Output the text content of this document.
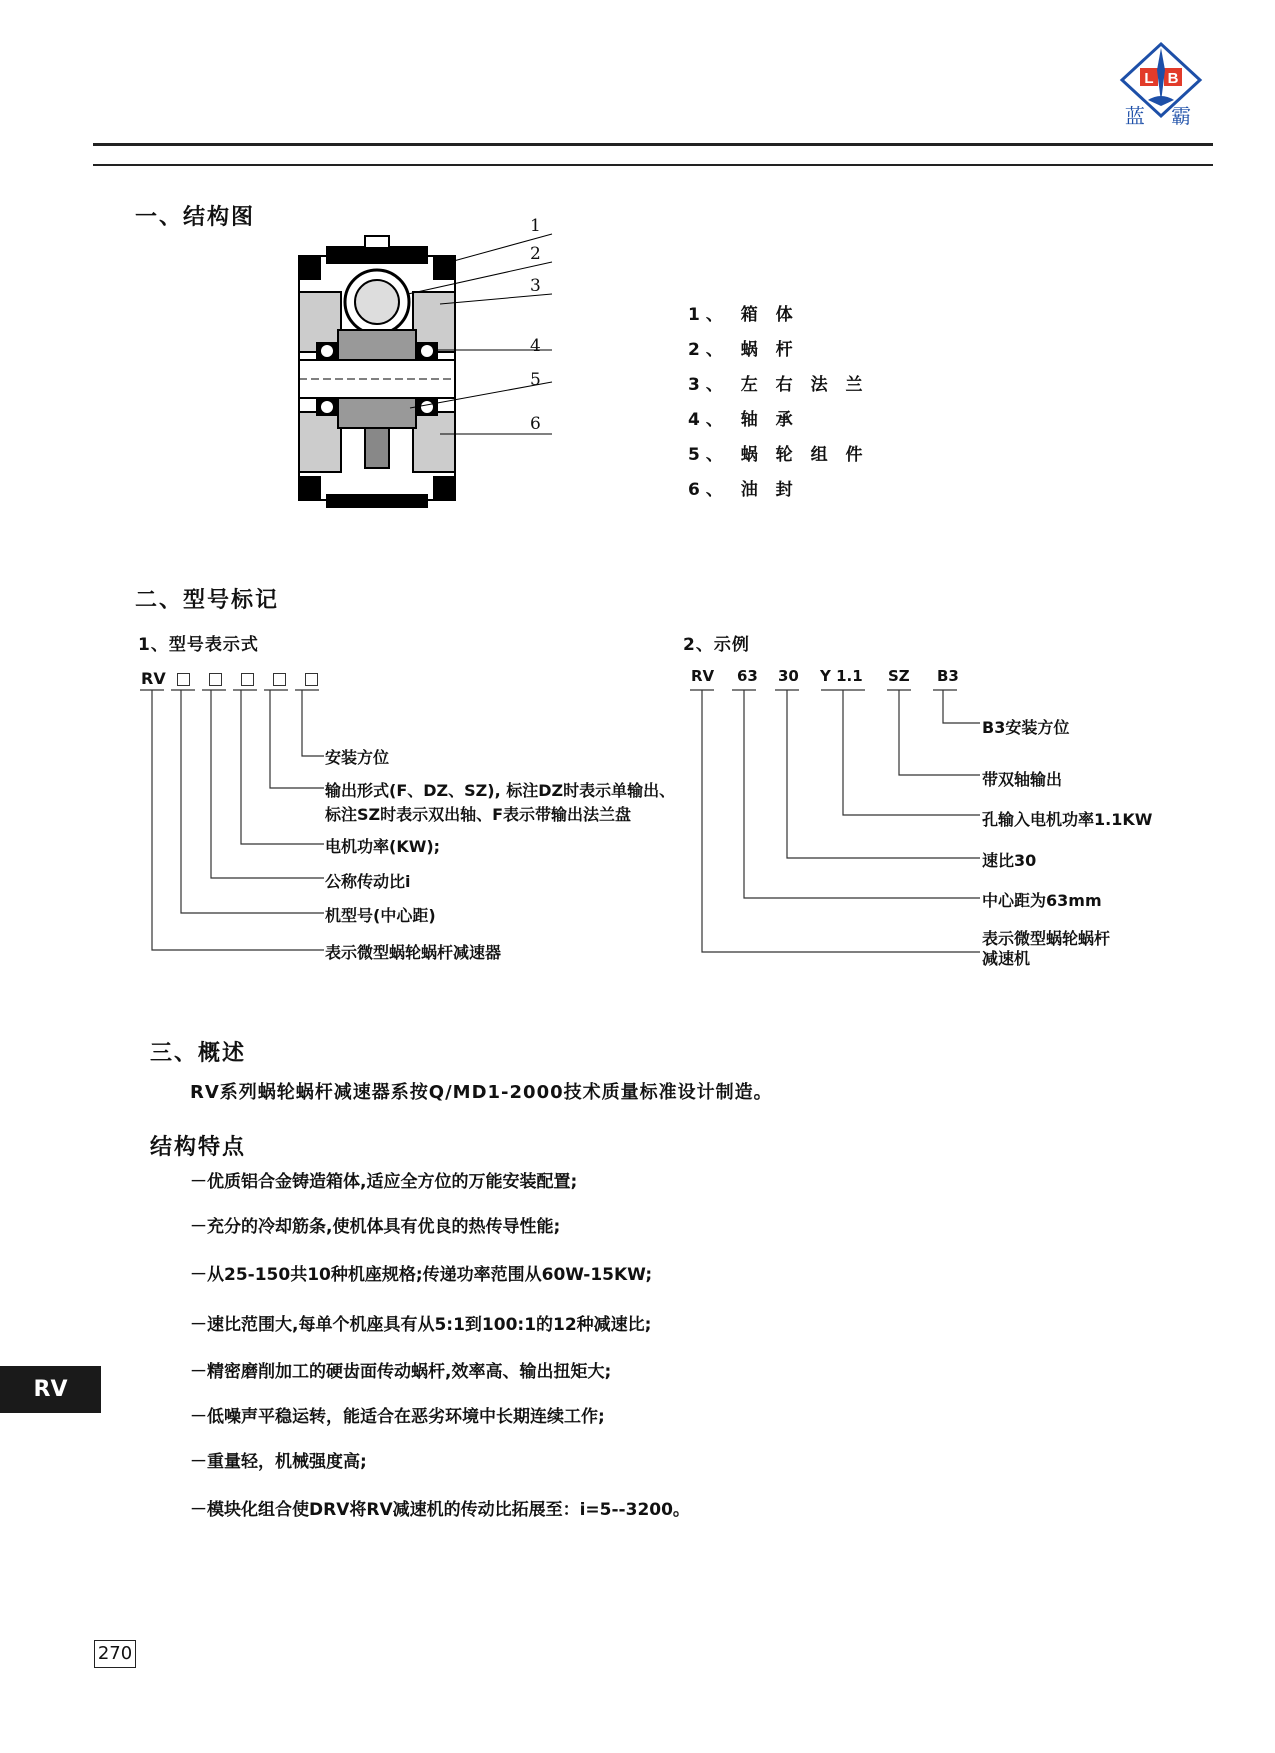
L B
蓝 霸
一、结构图	1
2
3
4
5
6
1、 箱 体
2、 蜗 杆
3、 左 右 法 兰
4、 轴 承
5、 蜗 轮 组 件
6、 油 封
二、型号标记
1、型号表示式	2、示例
RV
安装方位
输出形式(F、DZ、SZ), 标注DZ时表示单输出、
标注SZ时表示双出轴、F表示带输出法兰盘
电机功率(KW);
公称传动比i
机型号(中心距)
表示微型蜗轮蜗杆减速器
RV 63 30 Y 1.1 SZ B3
B3安装方位
带双轴输出
孔输入电机功率1.1KW
速比30
中心距为63mm
表示微型蜗轮蜗杆
减速机
三、概述
RV系列蜗轮蜗杆减速器系按Q/MD1-2000技术质量标准设计制造。
结构特点
－优质铝合金铸造箱体,适应全方位的万能安装配置;
－充分的冷却筋条,使机体具有优良的热传导性能;
－从25-150共10种机座规格;传递功率范围从60W-15KW;
－速比范围大,每单个机座具有从5:1到100:1的12种减速比;
－精密磨削加工的硬齿面传动蜗杆,效率高、输出扭矩大;
－低噪声平稳运转，能适合在恶劣环境中长期连续工作;
－重量轻，机械强度高;
－模块化组合使DRV将RV减速机的传动比拓展至：i=5--3200。
RV
270
